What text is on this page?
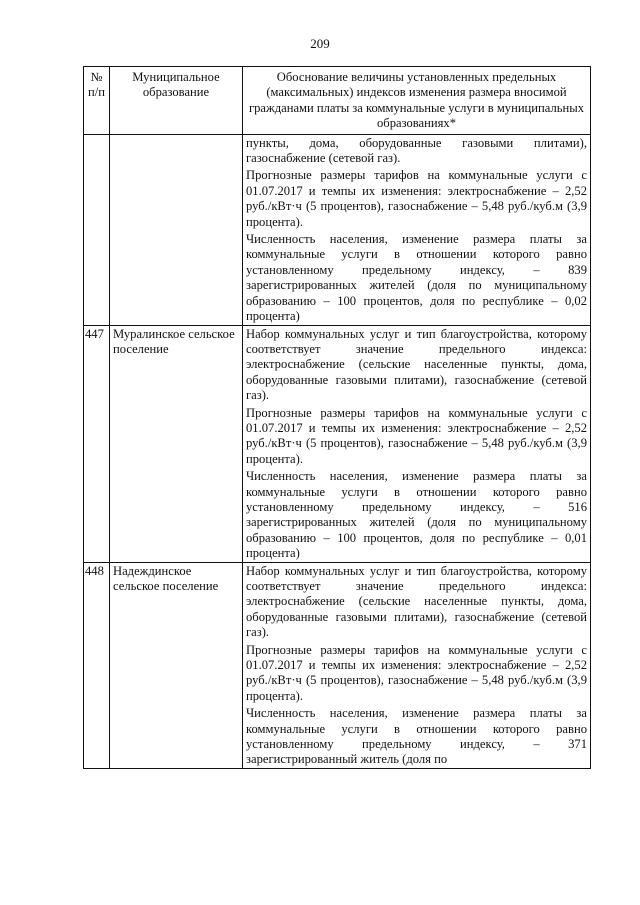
209
№ п/п	Муниципальное образование	Обоснование величины установленных предельных (максимальных) индексов изменения размера вносимой гражданами платы за коммунальные услуги в муниципальных образованиях*

		пункты, дома, оборудованные газовыми плитами), газоснабжение (сетевой газ).

Прогнозные размеры тарифов на коммунальные услуги с 01.07.2017 и темпы их изменения: электроснабжение – 2,52 руб./кВт·ч (5 процентов), газоснабжение – 5,48 руб./куб.м (3,9 процента).

Численность населения, изменение размера платы за коммунальные услуги в отношении которого равно установленному предельному индексу, – 839 зарегистрированных жителей (доля по муниципальному образованию – 100 процентов, доля по республике – 0,02 процента)

447	Муралинское сельское поселение	Набор коммунальных услуг и тип благоустройства, которому соответствует значение предельного индекса: электроснабжение (сельские населенные пункты, дома, оборудованные газовыми плитами), газоснабжение (сетевой газ).

Прогнозные размеры тарифов на коммунальные услуги с 01.07.2017 и темпы их изменения: электроснабжение – 2,52 руб./кВт·ч (5 процентов), газоснабжение – 5,48 руб./куб.м (3,9 процента).

Численность населения, изменение размера платы за коммунальные услуги в отношении которого равно установленному предельному индексу, – 516 зарегистрированных жителей (доля по муниципальному образованию – 100 процентов, доля по республике – 0,01 процента)

448	Надеждинское сельское поселение	Набор коммунальных услуг и тип благоустройства, которому соответствует значение предельного индекса: электроснабжение (сельские населенные пункты, дома, оборудованные газовыми плитами), газоснабжение (сетевой газ).

Прогнозные размеры тарифов на коммунальные услуги с 01.07.2017 и темпы их изменения: электроснабжение – 2,52 руб./кВт·ч (5 процентов), газоснабжение – 5,48 руб./куб.м (3,9 процента).

Численность населения, изменение размера платы за коммунальные услуги в отношении которого равно установленному предельному индексу, – 371 зарегистрированный житель (доля по
